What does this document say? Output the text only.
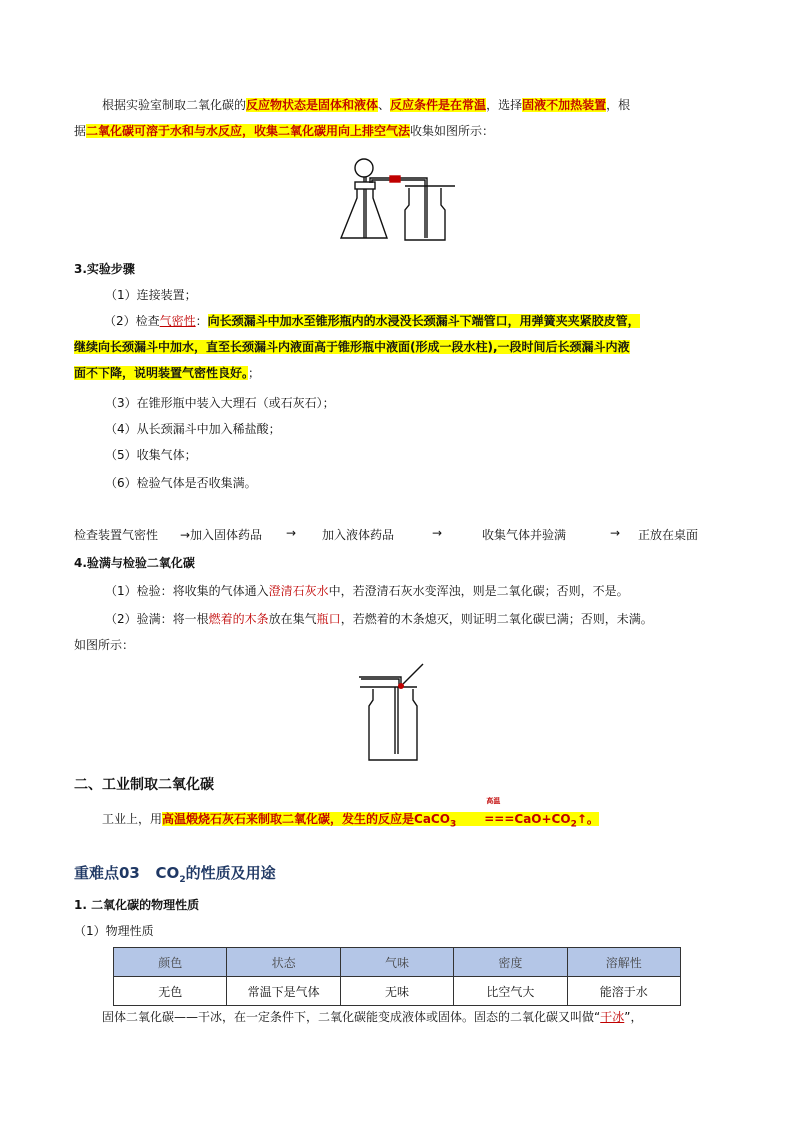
根据实验室制取二氧化碳的反应物状态是固体和液体、反应条件是在常温，选择固液不加热装置，根
据二氧化碳可溶于水和与水反应，收集二氧化碳用向上排空气法收集如图所示：
3.实验步骤
（1）连接装置；
（2）检查气密性：向长颈漏斗中加水至锥形瓶内的水浸没长颈漏斗下端管口，用弹簧夹夹紧胶皮管，
继续向长颈漏斗中加水，直至长颈漏斗内液面高于锥形瓶中液面(形成一段水柱),一段时间后长颈漏斗内液
面不下降，说明装置气密性良好。；
（3）在锥形瓶中装入大理石（或石灰石）；
（4）从长颈漏斗中加入稀盐酸；
（5）收集气体；
（6）检验气体是否收集满。
检查装置气密性 →加入固体药品 → 加入液体药品	→	收集气体并验满	→ 正放在桌面
4.验满与检验二氧化碳
（1）检验：将收集的气体通入澄清石灰水中，若澄清石灰水变浑浊，则是二氧化碳；否则，不是。
（2）验满：将一根燃着的木条放在集气瓶口，若燃着的木条熄灭，则证明二氧化碳已满；否则，未满。
如图所示：
二、工业制取二氧化碳
工业上，用高温煅烧石灰石来制取二氧化碳，发生的反应是CaCO$_3$
高温
$===CaO+CO_2↑$。
重难点03 $CO_2$的性质及用途
1. 二氧化碳的物理性质
（1）物理性质
颜色	状态	气味	密度	溶解性
无色	常温下是气体	无味	比空气大	能溶于水
固体二氧化碳——干冰，在一定条件下，二氧化碳能变成液体或固体。固态的二氧化碳又叫做“干冰”，
